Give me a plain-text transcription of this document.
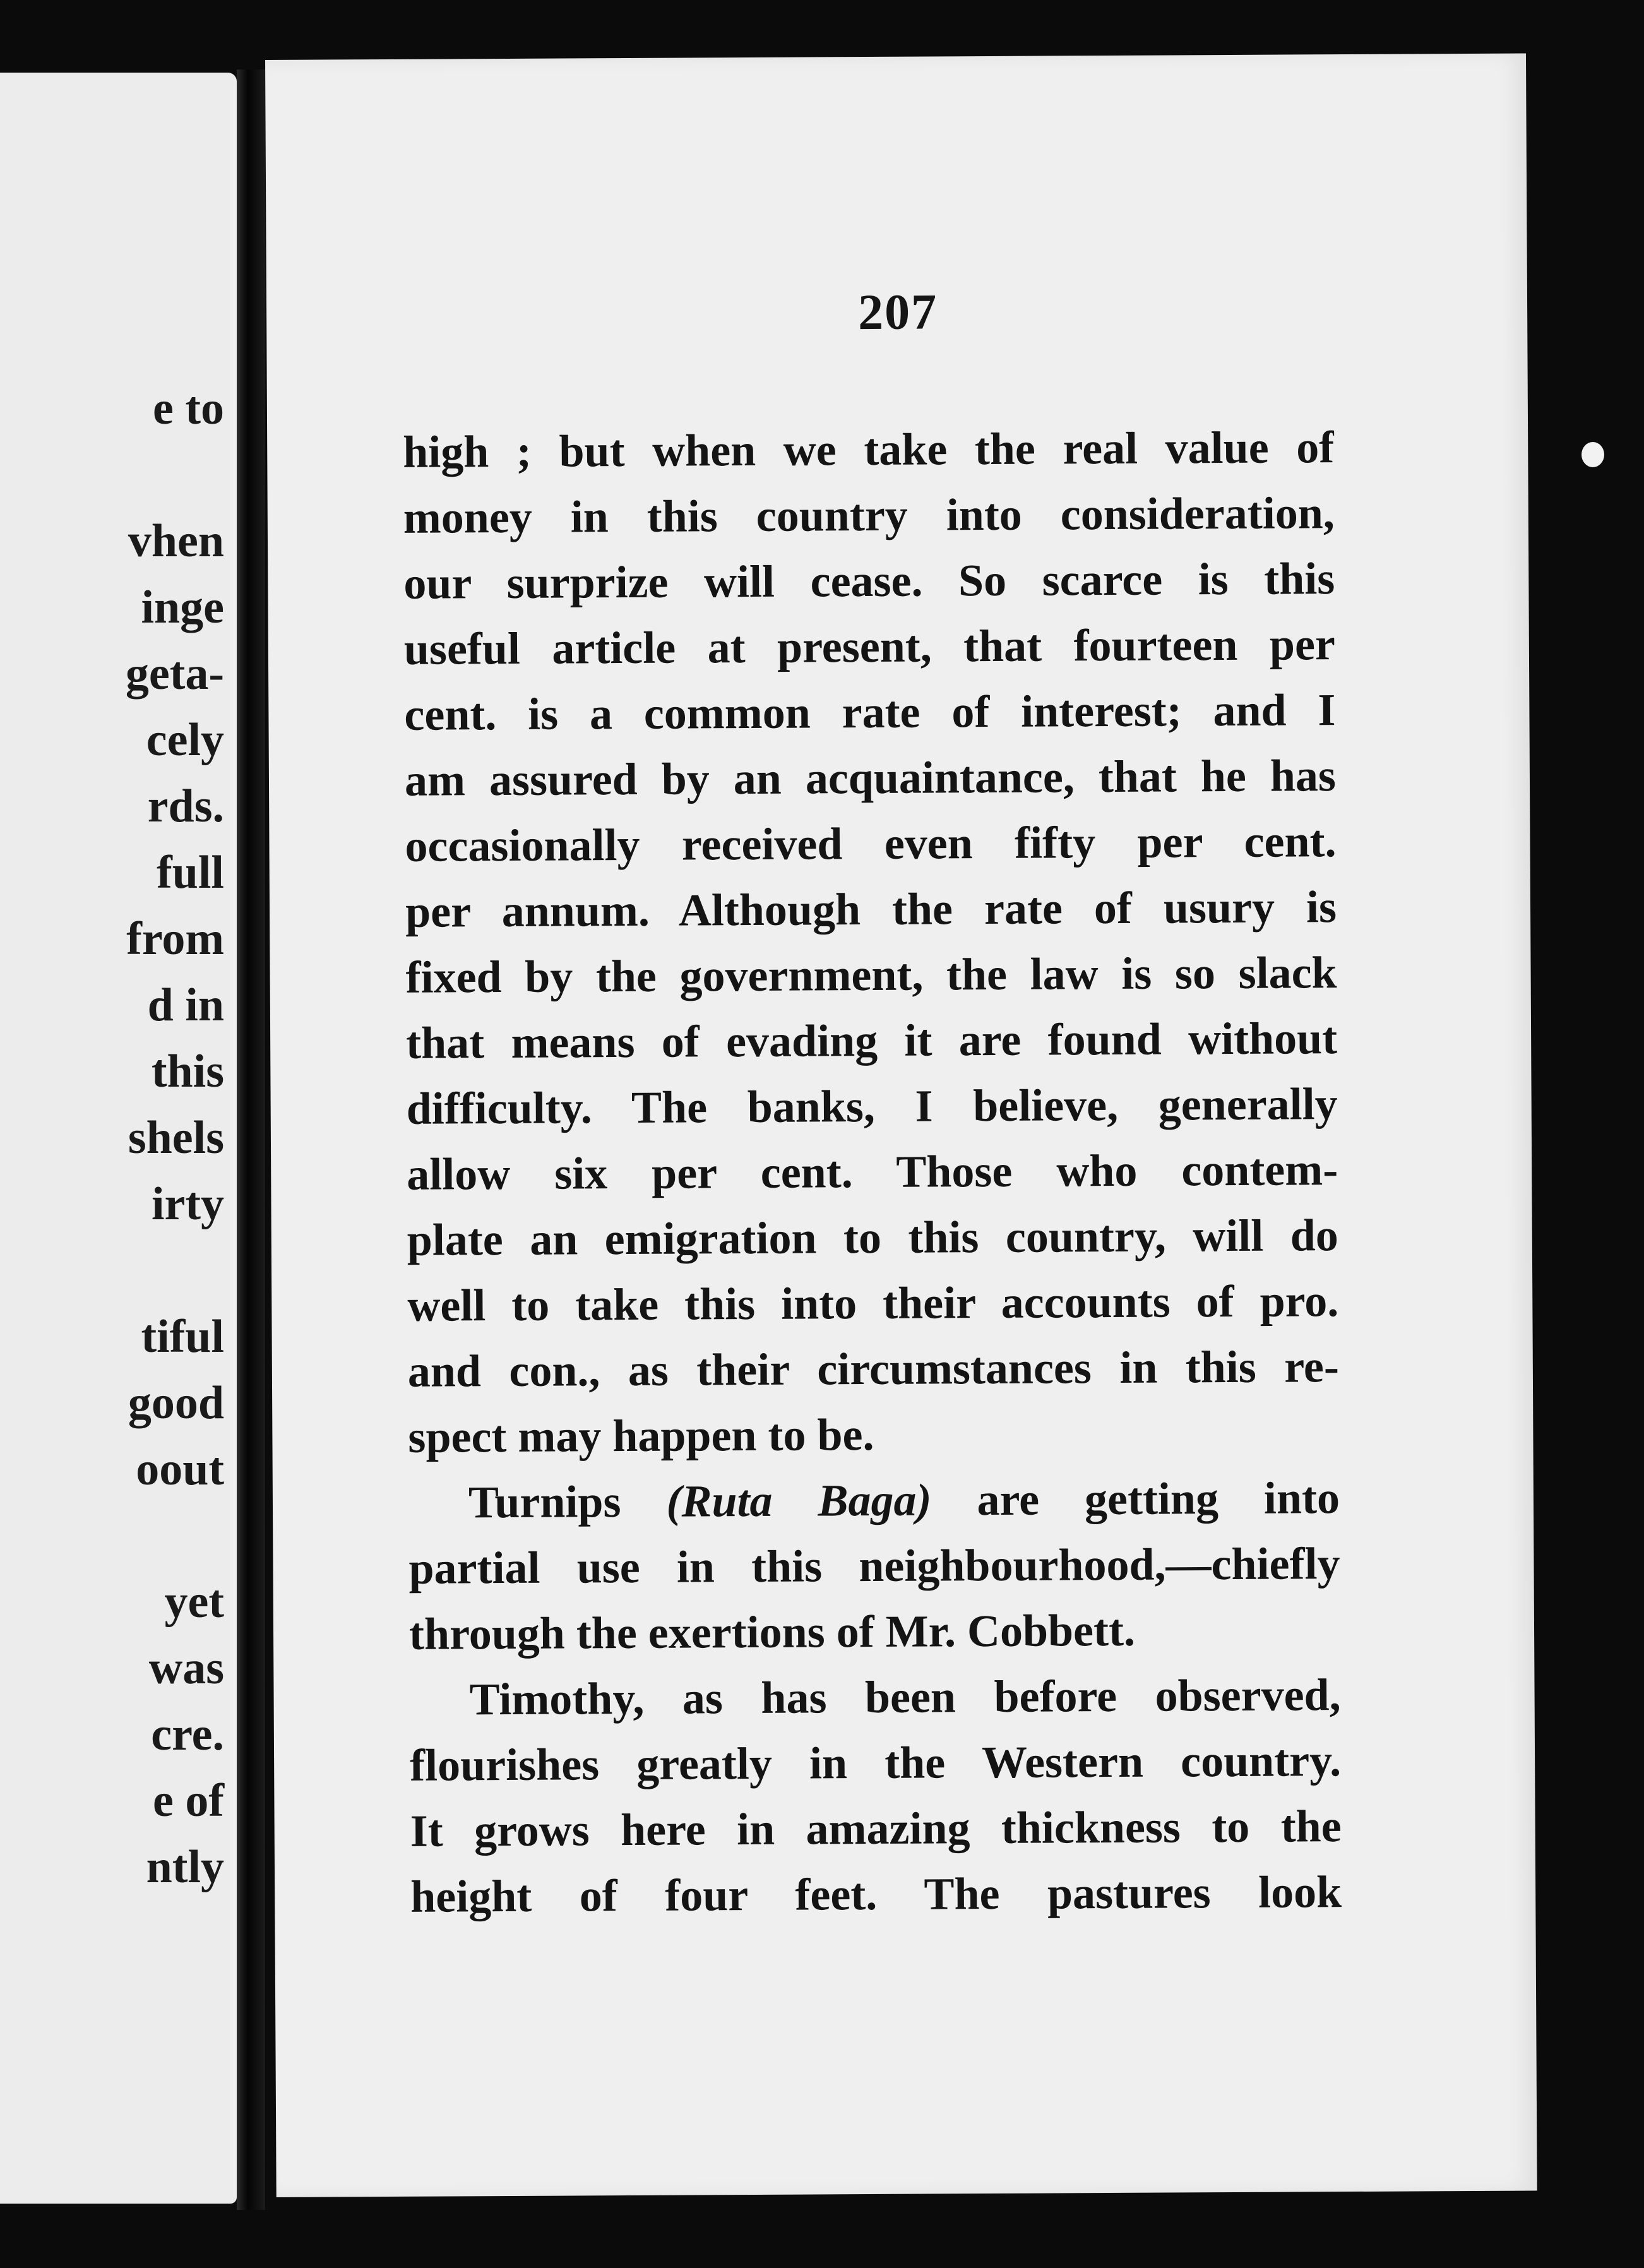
e to
vhen
inge
geta-
cely
rds.
full
from
d in
this
shels
irty
tiful
good
oout
yet
was
cre.
e of
ntly
207
high ; but when we take the real value of
money in this country into consideration,
our surprize will cease. So scarce is this
useful article at present, that fourteen per
cent. is a common rate of interest; and I
am assured by an acquaintance, that he has
occasionally received even fifty per cent.
per annum. Although the rate of usury is
fixed by the government, the law is so slack
that means of evading it are found without
difficulty. The banks, I believe, generally
allow six per cent. Those who contem-
plate an emigration to this country, will do
well to take this into their accounts of pro.
and con., as their circumstances in this re-
spect may happen to be.
Turnips (Ruta Baga) are getting into
partial use in this neighbourhood,—chiefly
through the exertions of Mr. Cobbett.
Timothy, as has been before observed,
flourishes greatly in the Western country.
It grows here in amazing thickness to the
height of four feet. The pastures look
